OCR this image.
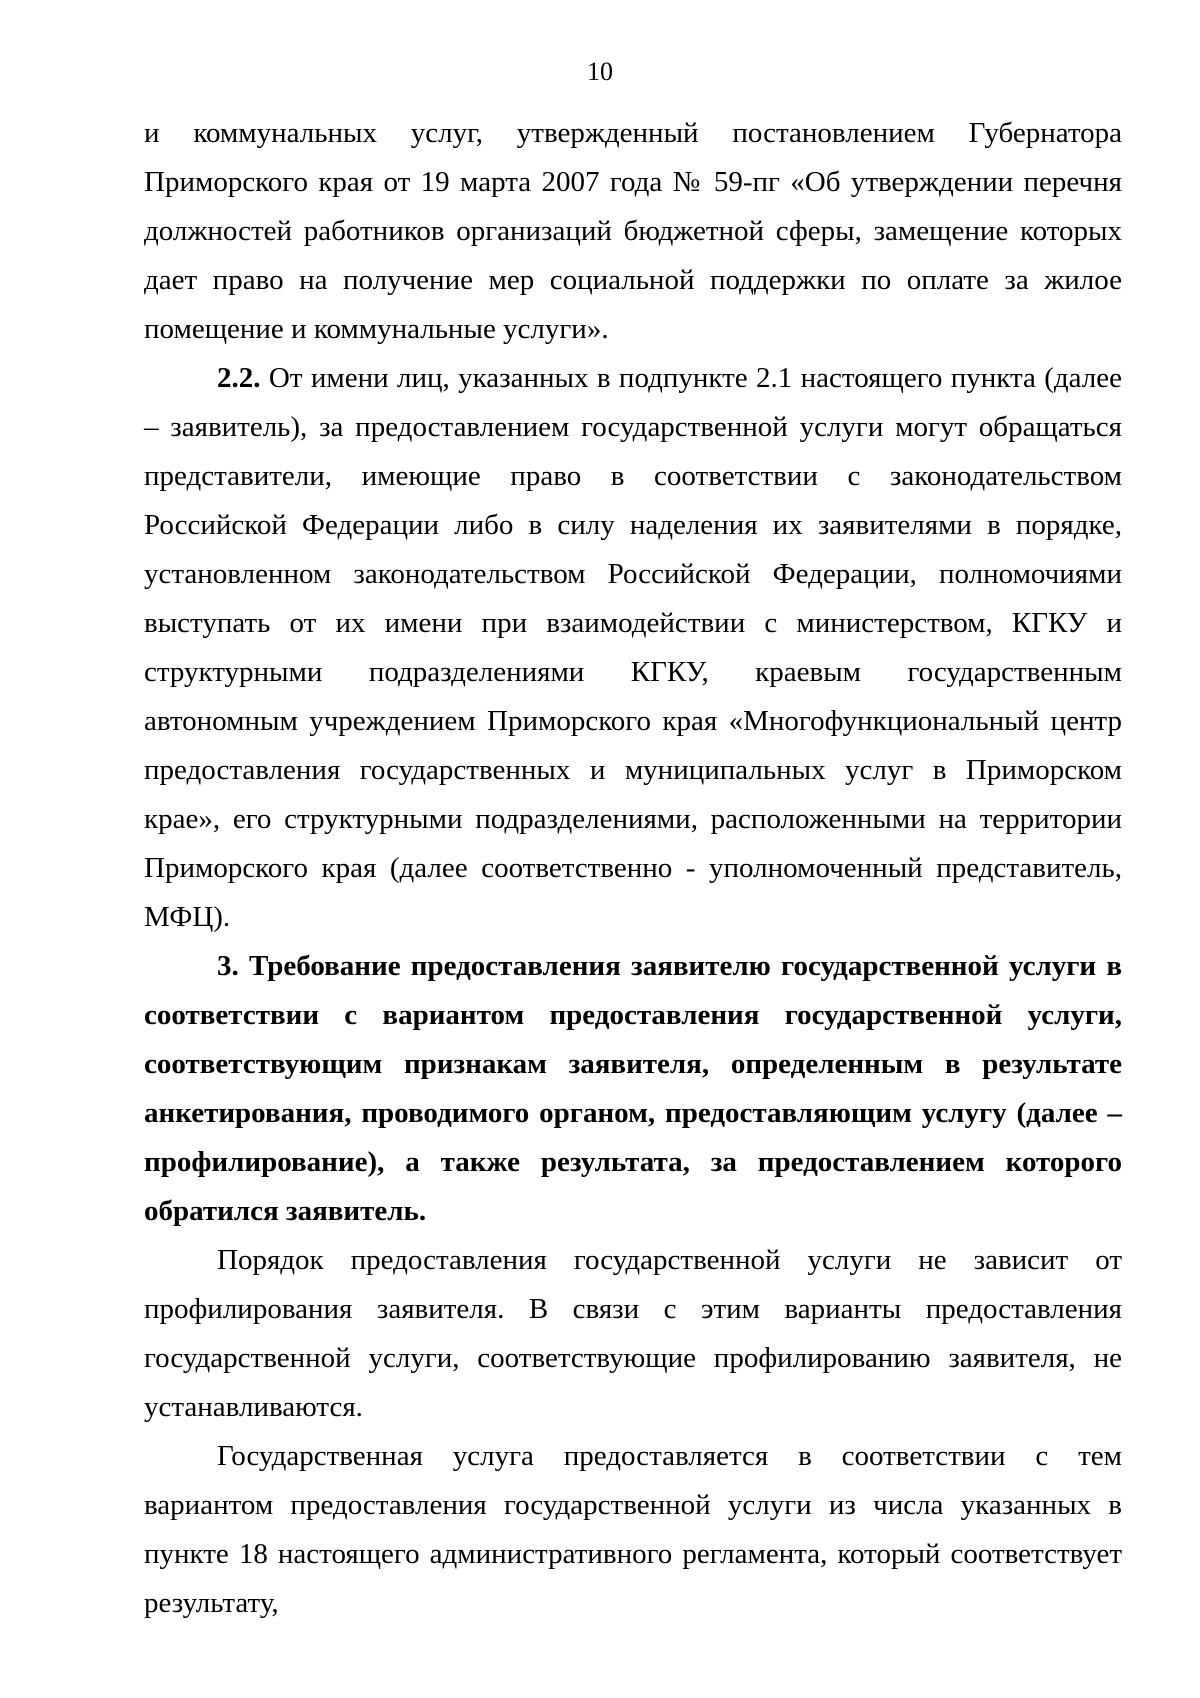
10

и коммунальных услуг, утвержденный постановлением Губернатора Приморского края от 19 марта 2007 года № 59-пг «Об утверждении перечня должностей работников организаций бюджетной сферы, замещение которых дает право на получение мер социальной поддержки по оплате за жилое помещение и коммунальные услуги».

2.2. От имени лиц, указанных в подпункте 2.1 настоящего пункта (далее – заявитель), за предоставлением государственной услуги могут обращаться представители, имеющие право в соответствии с законодательством Российской Федерации либо в силу наделения их заявителями в порядке, установленном законодательством Российской Федерации, полномочиями выступать от их имени при взаимодействии с министерством, КГКУ и структурными подразделениями КГКУ, краевым государственным автономным учреждением Приморского края «Многофункциональный центр предоставления государственных и муниципальных услуг в Приморском крае», его структурными подразделениями, расположенными на территории Приморского края (далее соответственно - уполномоченный представитель, МФЦ).

3. Требование предоставления заявителю государственной услуги в соответствии с вариантом предоставления государственной услуги, соответствующим признакам заявителя, определенным в результате анкетирования, проводимого органом, предоставляющим услугу (далее – профилирование), а также результата, за предоставлением которого обратился заявитель.

Порядок предоставления государственной услуги не зависит от профилирования заявителя. В связи с этим варианты предоставления государственной услуги, соответствующие профилированию заявителя, не устанавливаются.

Государственная услуга предоставляется в соответствии с тем вариантом предоставления государственной услуги из числа указанных в пункте 18 настоящего административного регламента, который соответствует результату,
